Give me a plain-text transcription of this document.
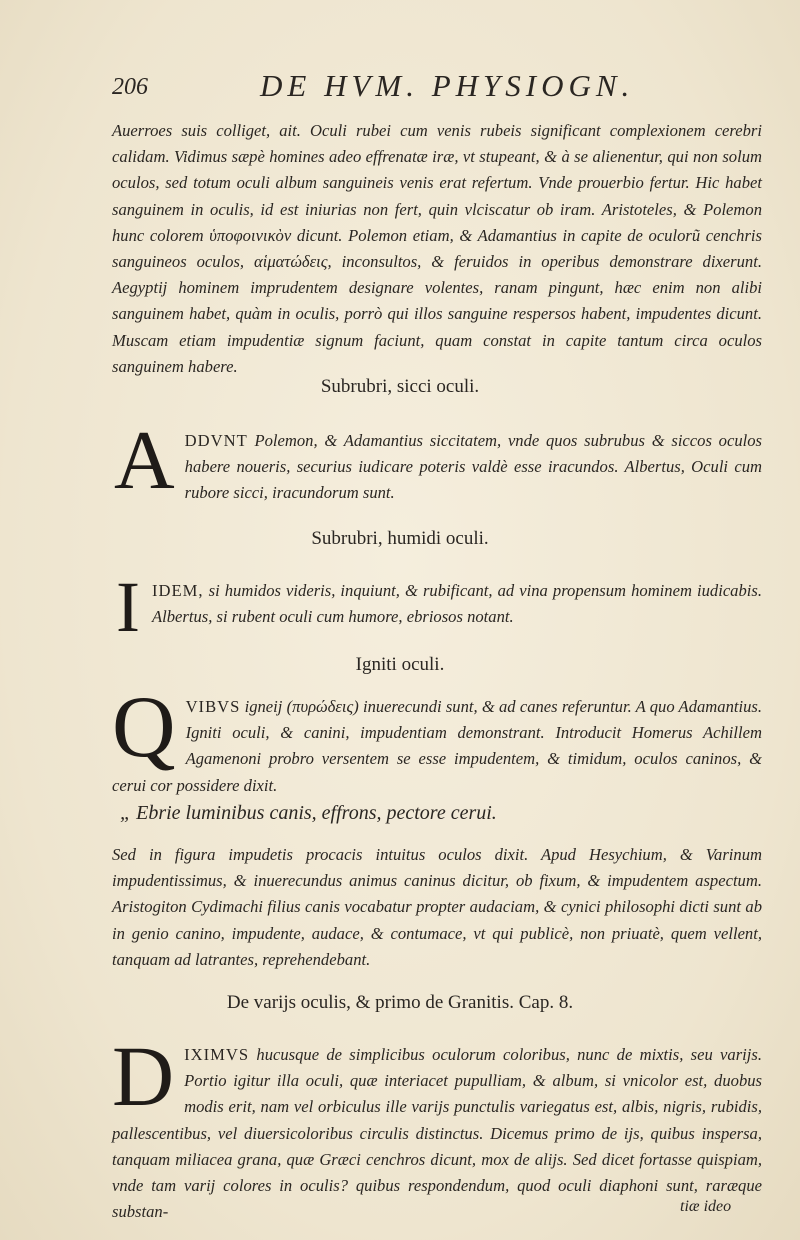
206	DE HVM. PHYSIOGN.

Auerroes suis colliget, ait. Oculi rubei cum venis rubeis significant complexionem cerebri calidam. Vidimus sæpè homines adeo effrenatæ iræ, vt stupeant, & à se alienentur, qui non solum oculos, sed totum oculi album sanguineis venis erat refertum. Vnde prouerbio fertur. Hic habet sanguinem in oculis, id est iniurias non fert, quin vlciscatur ob iram. Aristoteles, & Polemon hunc colorem ὑποφοινικὸν dicunt. Polemon etiam, & Adamantius in capite de oculorũ cenchris sanguineos oculos, αἱματώδεις, inconsultos, & feruidos in operibus demonstrare dixerunt. Aegyptij hominem imprudentem designare volentes, ranam pingunt, hæc enim non alibi sanguinem habet, quàm in oculis, porrò qui illos sanguine respersos habent, impudentes dicunt. Muscam etiam impudentiæ signum faciunt, quam constat in capite tantum circa oculos sanguinem habere.

Subrubri, sicci oculi.

ADDVNT Polemon, & Adamantius siccitatem, vnde quos subrubus & siccos oculos habere noueris, securius iudicare poteris valdè esse iracundos. Albertus, Oculi cum rubore sicci, iracundorum sunt.

Subrubri, humidi oculi.

IIDEM, si humidos videris, inquiunt, & rubificant, ad vina propensum hominem iudicabis. Albertus, si rubent oculi cum humore, ebriosos notant.

Igniti oculi.

QVIBVS igneij (πυρώδεις) inuerecundi sunt, & ad canes referuntur. A quo Adamantius. Igniti oculi, & canini, impudentiam demonstrant. Introducit Homerus Achillem Agamenoni probro versentem se esse impudentem, & timidum, oculos caninos, & cerui cor possidere dixit.

„ Ebrie luminibus canis, effrons, pectore cerui.

Sed in figura impudetis procacis intuitus oculos dixit. Apud Hesychium, & Varinum impudentissimus, & inuerecundus animus caninus dicitur, ob fixum, & impudentem aspectum. Aristogiton Cydimachi filius canis vocabatur propter audaciam, & cynici philosophi dicti sunt ab in genio canino, impudente, audace, & contumace, vt qui publicè, non priuatè, quem vellent, tanquam ad latrantes, reprehendebant.

De varijs oculis, & primo de Granitis. Cap. 8.

DIXIMVS hucusque de simplicibus oculorum coloribus, nunc de mixtis, seu varijs. Portio igitur illa oculi, quæ interiacet pupulliam, & album, si vnicolor est, duobus modis erit, nam vel orbiculus ille varijs punctulis variegatus est, albis, nigris, rubidis, pallescentibus, vel diuersicoloribus circulis distinctus. Dicemus primo de ijs, quibus inspersa, tanquam miliacea grana, quæ Græci cenchros dicunt, mox de alijs. Sed dicet fortasse quispiam, vnde tam varij colores in oculis? quibus respondendum, quod oculi diaphoni sunt, raræque substan-	tiæ ideo
